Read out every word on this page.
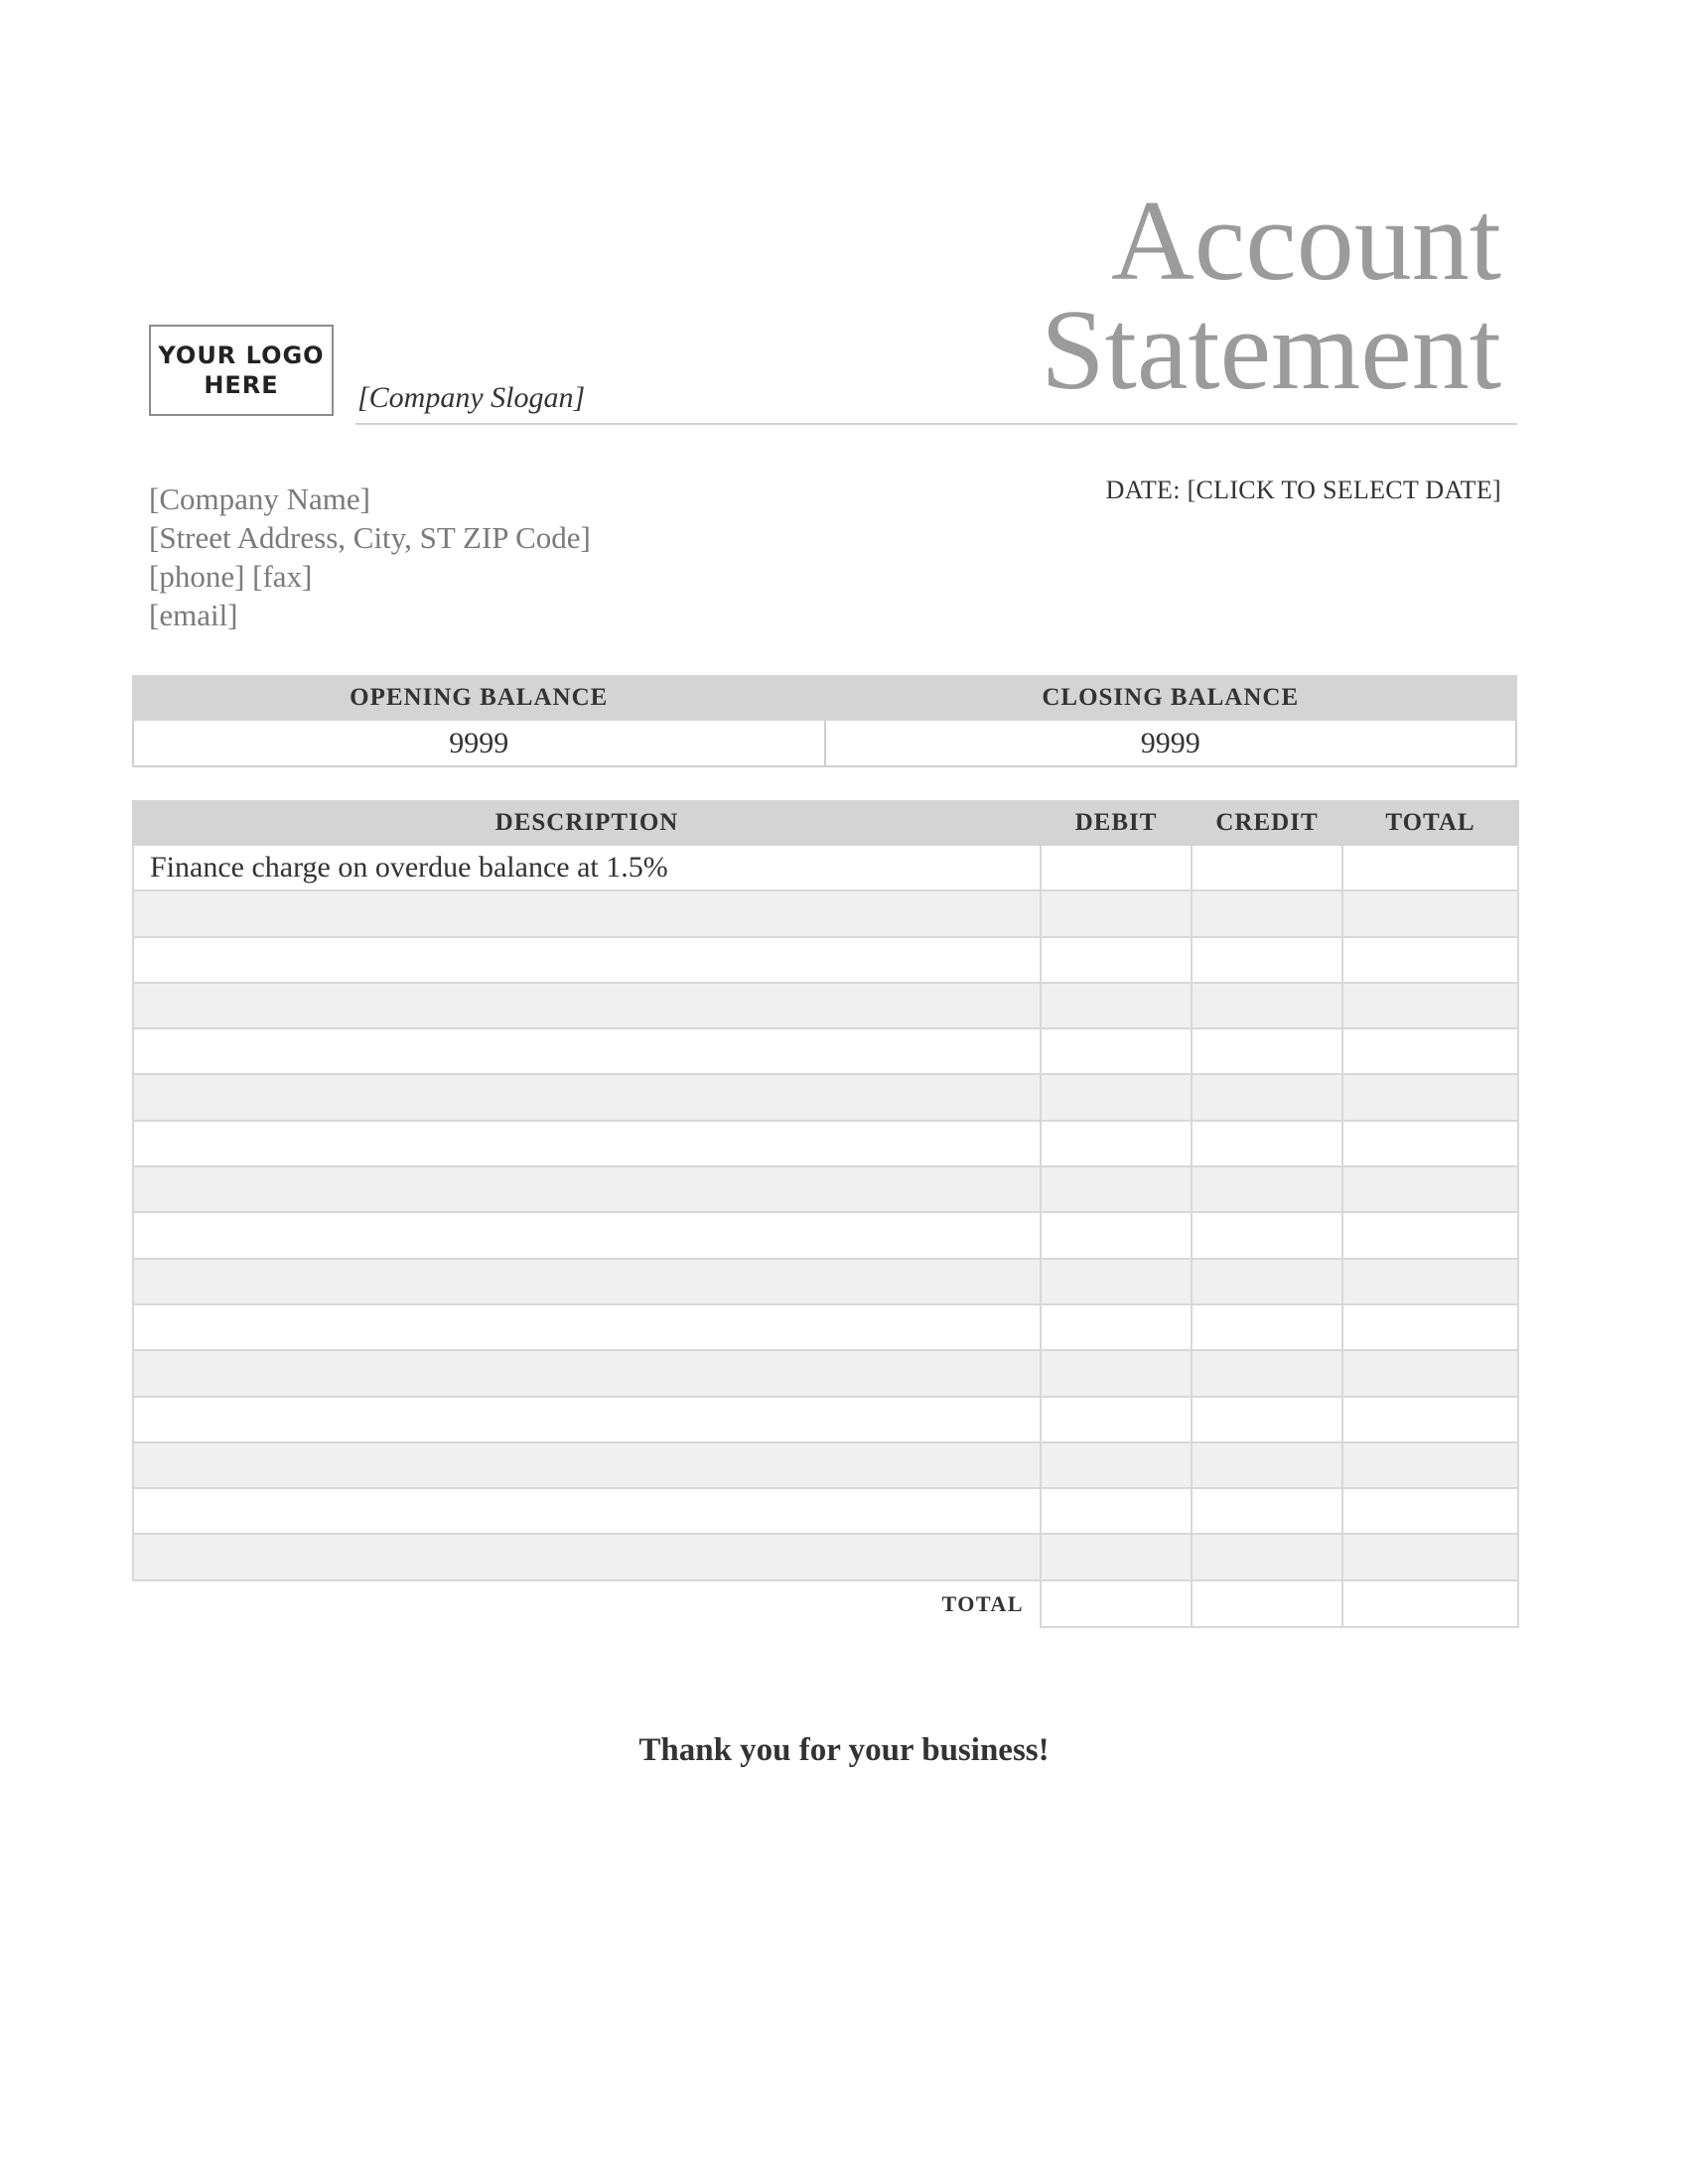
YOUR LOGO
HERE	[Company Slogan]
Account
Statement
[Company Name]
[Street Address, City, ST ZIP Code]
[phone] [fax]
[email]
DATE: [CLICK TO SELECT DATE]
OPENING BALANCE	CLOSING BALANCE
9999	9999
DESCRIPTION	DEBIT	CREDIT	TOTAL
Finance charge on overdue balance at 1.5%			

TOTAL			
Thank you for your business!
